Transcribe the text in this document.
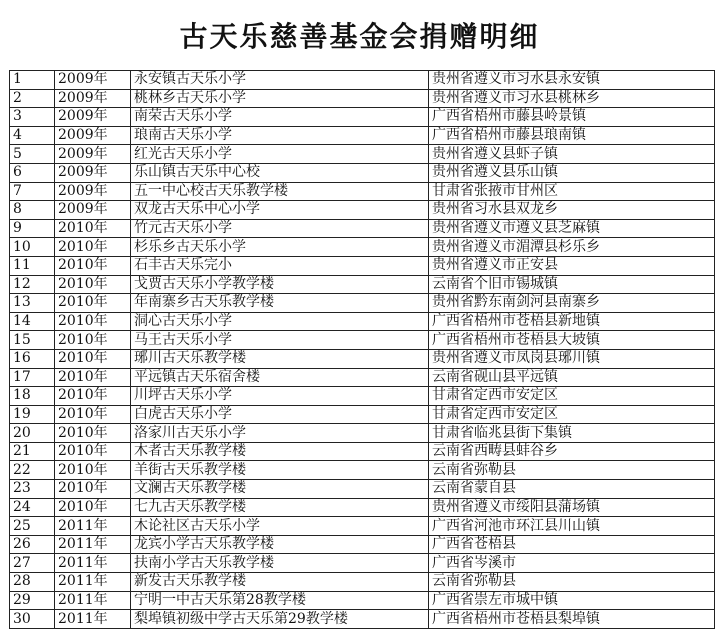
古天乐慈善基金会捐赠明细
1	2009年	永安镇古天乐小学	贵州省遵义市习水县永安镇
2	2009年	桃林乡古天乐小学	贵州省遵义市习水县桃林乡
3	2009年	南荣古天乐小学	广西省梧州市藤县岭景镇
4	2009年	琅南古天乐小学	广西省梧州市藤县琅南镇
5	2009年	红光古天乐小学	贵州省遵义县虾子镇
6	2009年	乐山镇古天乐中心校	贵州省遵义县乐山镇
7	2009年	五一中心校古天乐教学楼	甘肃省张掖市甘州区
8	2009年	双龙古天乐中心小学	贵州省习水县双龙乡
9	2010年	竹元古天乐小学	贵州省遵义市遵义县芝麻镇
10	2010年	杉乐乡古天乐小学	贵州省遵义市湄潭县杉乐乡
11	2010年	石丰古天乐完小	贵州省遵义市正安县
12	2010年	戈贾古天乐小学教学楼	云南省个旧市锡城镇
13	2010年	年南寨乡古天乐教学楼	贵州省黔东南剑河县南寨乡
14	2010年	洞心古天乐小学	广西省梧州市苍梧县新地镇
15	2010年	马王古天乐小学	广西省梧州市苍梧县大坡镇
16	2010年	琊川古天乐教学楼	贵州省遵义市凤岗县琊川镇
17	2010年	平远镇古天乐宿舍楼	云南省砚山县平远镇
18	2010年	川坪古天乐小学	甘肃省定西市安定区
19	2010年	白虎古天乐小学	甘肃省定西市安定区
20	2010年	洛家川古天乐小学	甘肃省临兆县街下集镇
21	2010年	木者古天乐教学楼	云南省西畴县蚌谷乡
22	2010年	羊街古天乐教学楼	云南省弥勒县
23	2010年	文澜古天乐教学楼	云南省蒙自县
24	2010年	七九古天乐教学楼	贵州省遵义市绥阳县蒲场镇
25	2011年	木论社区古天乐小学	广西省河池市环江县川山镇
26	2011年	龙宾小学古天乐教学楼	广西省苍梧县
27	2011年	扶南小学古天乐教学楼	广西省岑溪市
28	2011年	新发古天乐教学楼	云南省弥勒县
29	2011年	宁明一中古天乐第28教学楼	广西省崇左市城中镇
30	2011年	梨埠镇初级中学古天乐第29教学楼	广西省梧州市苍梧县梨埠镇
